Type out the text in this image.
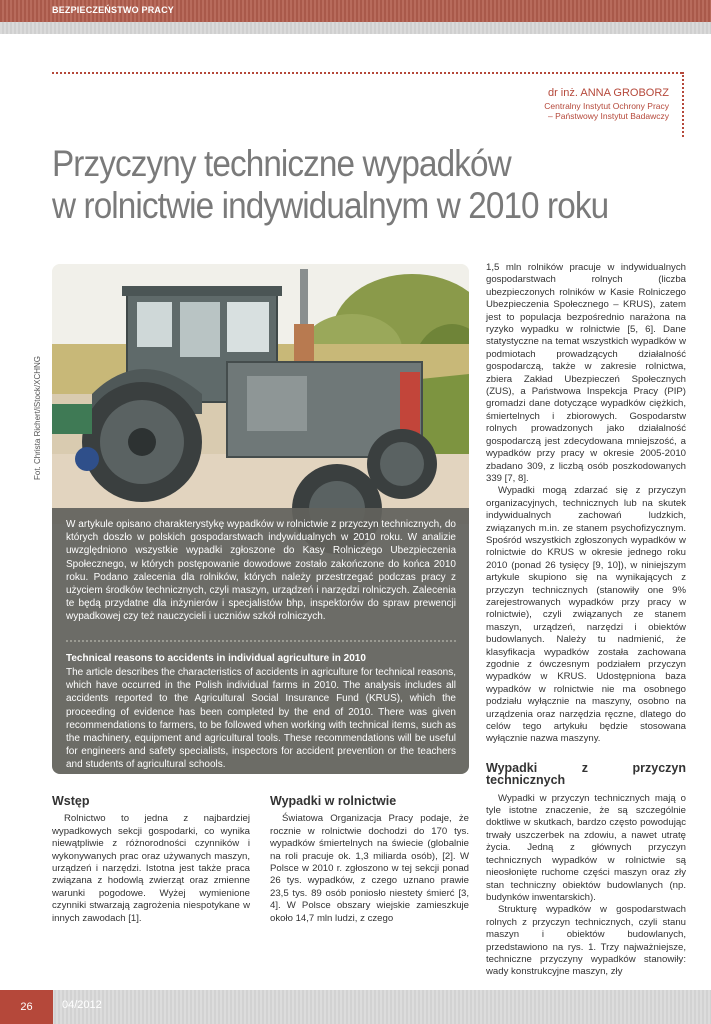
BEZPIECZEŃSTWO PRACY
dr inż. ANNA GROBORZ
Centralny Instytut Ochrony Pracy
– Państwowy Instytut Badawczy
Przyczyny techniczne wypadków
w rolnictwie indywidualnym w 2010 roku
Fot. Christa Richert/iStock/XCHNG
W artykule opisano charakterystykę wypadków w rolnictwie z przyczyn technicznych, do których doszło w polskich gospodarstwach indywidualnych w 2010 roku. W analizie uwzględniono wszystkie wypadki zgłoszone do Kasy Rolniczego Ubezpieczenia Społecznego, w których postępowanie dowodowe zostało zakończone do końca 2010 roku. Podano zalecenia dla rolników, których należy przestrzegać podczas pracy z użyciem środków technicznych, czyli maszyn, urządzeń i narzędzi rolniczych. Zalecenia te będą przydatne dla inżynierów i specjalistów bhp, inspektorów do spraw prewencji wypadkowej czy też nauczycieli i uczniów szkół rolniczych.
Technical reasons to accidents in individual agriculture in 2010
The article describes the characteristics of accidents in agriculture for technical reasons, which have occurred in the Polish individual farms in 2010. The analysis includes all accidents reported to the Agricultural Social Insurance Fund (KRUS), which the proceeding of evidence has been completed by the end of 2010. There was given recommendations to farmers, to be followed when working with technical items, such as the machinery, equipment and agricultural tools. These recommendations will be useful for engineers and safety specialists, inspectors for accident prevention or the teachers and students of agricultural schools.

Wstęp

Rolnictwo to jedna z najbardziej wypadkowych sekcji gospodarki, co wynika niewątpliwie z różnorodności czynników i wykonywanych prac oraz używanych maszyn, urządzeń i narzędzi. Istotna jest także praca związana z hodowlą zwierząt oraz zmienne warunki pogodowe. Wyżej wymienione czynniki stwarzają zagrożenia niespotykane w innych zawodach [1].

Wypadki w rolnictwie

Światowa Organizacja Pracy podaje, że rocznie w rolnictwie dochodzi do 170 tys. wypadków śmiertelnych na świecie (globalnie na roli pracuje ok. 1,3 miliarda osób), [2]. W Polsce w 2010 r. zgłoszono w tej sekcji ponad 26 tys. wypadków, z czego uznano prawie 23,5 tys. 89 osób poniosło niestety śmierć [3, 4]. W Polsce obszary wiejskie zamieszkuje około 14,7 mln ludzi, z czego

1,5 mln rolników pracuje w indywidualnych gospodarstwach rolnych (liczba ubezpieczonych rolników w Kasie Rolniczego Ubezpieczenia Społecznego – KRUS), zatem jest to populacja bezpośrednio narażona na ryzyko wypadku w rolnictwie [5, 6]. Dane statystyczne na temat wszystkich wypadków w podmiotach prowadzących działalność gospodarczą, także w zakresie rolnictwa, zbiera Zakład Ubezpieczeń Społecznych (ZUS), a Państwowa Inspekcja Pracy (PIP) gromadzi dane dotyczące wypadków ciężkich, śmiertelnych i zbiorowych. Gospodarstw rolnych prowadzonych jako działalność gospodarczą jest zdecydowana mniejszość, a wypadków przy pracy w okresie 2005-2010 zbadano 309, z liczbą osób poszkodowanych 339 [7, 8].

Wypadki mogą zdarzać się z przyczyn organizacyjnych, technicznych lub na skutek indywidualnych zachowań ludzkich, związanych m.in. ze stanem psychofizycznym. Spośród wszystkich zgłoszonych wypadków w rolnictwie do KRUS w okresie jednego roku 2010 (ponad 26 tysięcy [9, 10]), w niniejszym artykule skupiono się na wynikających z przyczyn technicznych (stanowiły one 9% zarejestrowanych wypadków przy pracy w rolnictwie), czyli związanych ze stanem maszyn, urządzeń, narzędzi i obiektów budowlanych. Należy tu nadmienić, że klasyfikacja wypadków została zachowana zgodnie z ówczesnym podziałem przyczyn wypadków w KRUS. Udostępniona baza wypadków w rolnictwie nie ma osobnego podziału wyłącznie na maszyny, osobno na urządzenia oraz narzędzia ręczne, dlatego do celów tego artykułu będzie stosowana wyłącznie nazwa maszyny.

Wypadki z przyczyn technicznych

Wypadki w przyczyn technicznych mają o tyle istotne znaczenie, że są szczególnie doktliwe w skutkach, bardzo często powodując trwały uszczerbek na zdowiu, a nawet utratę życia. Jedną z głównych przyczyn technicznych wypadków w rolnictwie są nieosłonięte ruchome części maszyn oraz zły stan techniczny obiektów budowlanych (np. budynków inwentarskich).

Strukturę wypadków w gospodarstwach rolnych z przyczyn technicznych, czyli stanu maszyn i obiektów budowlanych, przedstawiono na rys. 1. Trzy najważniejsze, techniczne przyczyny wypadków stanowiły: wady konstrukcyjne maszyn, zły

26	04/2012
